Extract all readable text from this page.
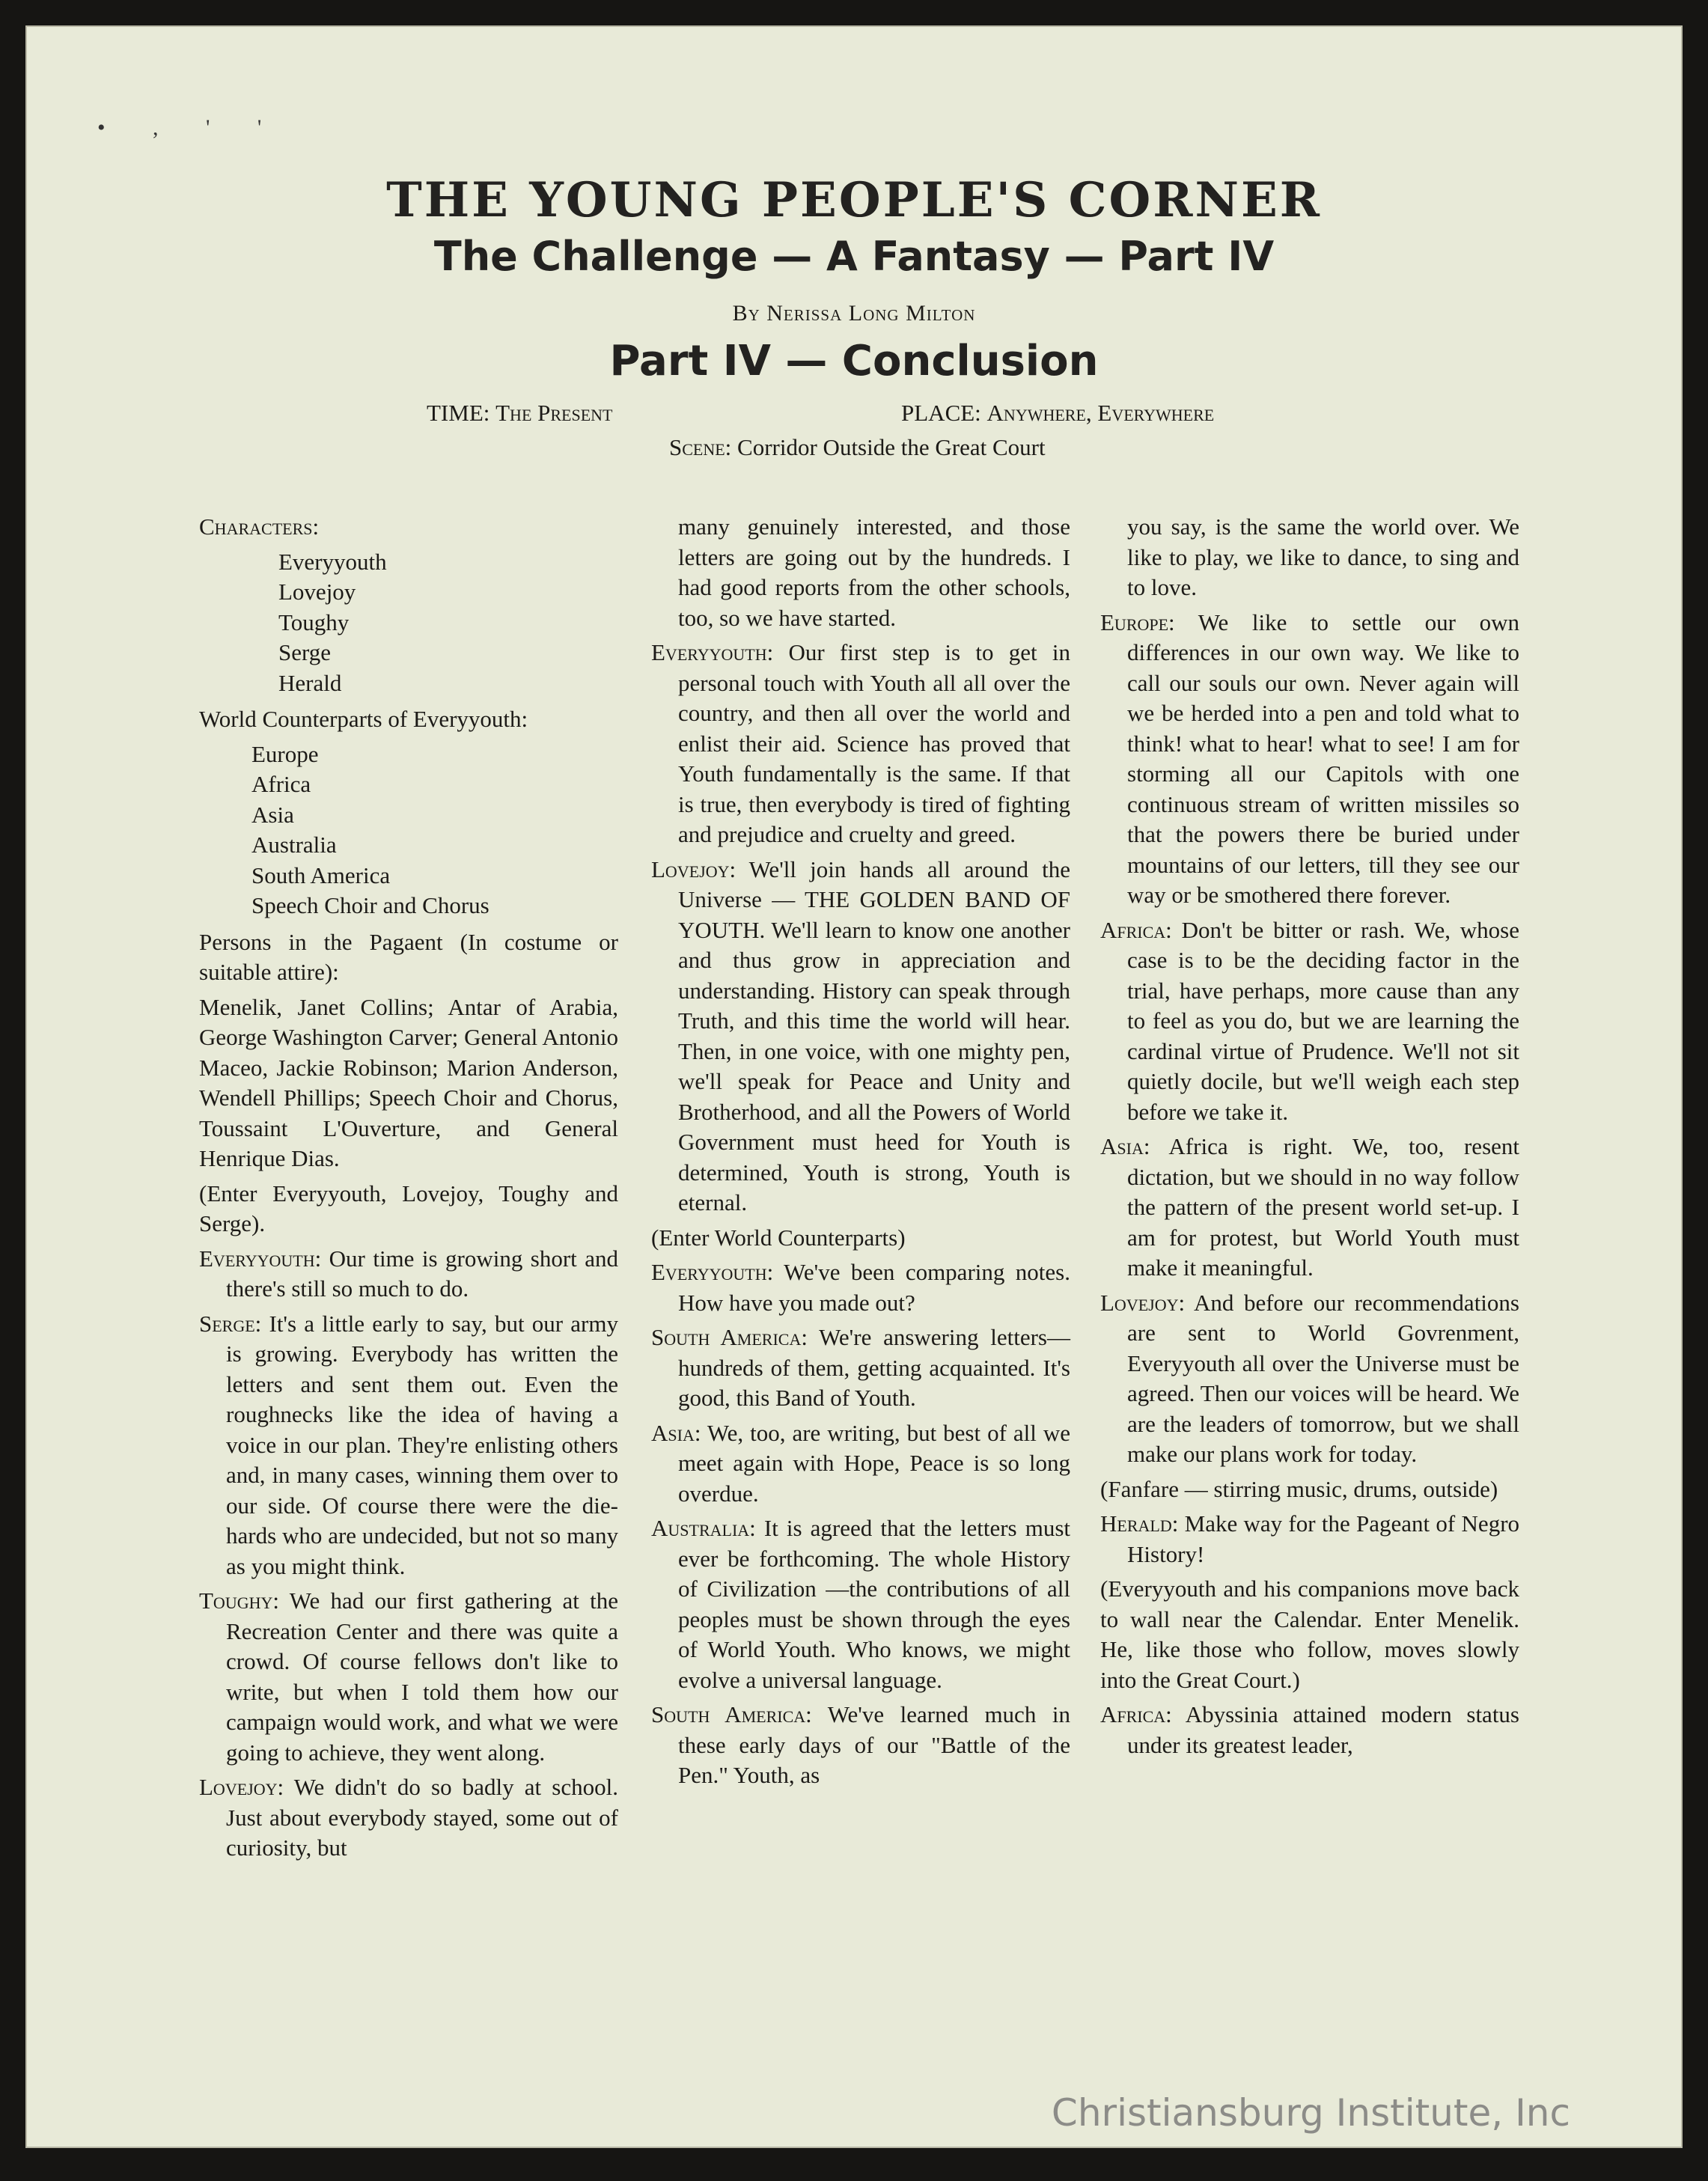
• , ' '
THE YOUNG PEOPLE'S CORNER
The Challenge — A Fantasy — Part IV
By Nerissa Long Milton
Part IV — Conclusion
TIME: The Present	PLACE: Anywhere, Everywhere
Scene: Corridor Outside the Great Court

Characters:

Everyyouth
Lovejoy
Toughy
Serge
Herald

World Counterparts of Everyyouth:

Europe
Africa
Asia
Australia
South America
Speech Choir and Chorus

Persons in the Pagaent (In costume or suitable attire):

Menelik, Janet Collins; Antar of Arabia, George Washington Carver; General Antonio Maceo, Jackie Robinson; Marion Anderson, Wendell Phillips; Speech Choir and Chorus, Toussaint L'Ouverture, and General Henrique Dias.

(Enter Everyyouth, Lovejoy, Toughy and Serge).

Everyyouth: Our time is growing short and there's still so much to do.

Serge: It's a little early to say, but our army is growing. Everybody has written the letters and sent them out. Even the roughnecks like the idea of having a voice in our plan. They're enlisting others and, in many cases, winning them over to our side. Of course there were the die-hards who are undecided, but not so many as you might think.

Toughy: We had our first gathering at the Recreation Center and there was quite a crowd. Of course fellows don't like to write, but when I told them how our campaign would work, and what we were going to achieve, they went along.

Lovejoy: We didn't do so badly at school. Just about everybody stayed, some out of curiosity, but

many genuinely interested, and those letters are going out by the hundreds. I had good reports from the other schools, too, so we have started.

Everyyouth: Our first step is to get in personal touch with Youth all all over the country, and then all over the world and enlist their aid. Science has proved that Youth fundamentally is the same. If that is true, then everybody is tired of fighting and prejudice and cruelty and greed.

Lovejoy: We'll join hands all around the Universe — THE GOLDEN BAND OF YOUTH. We'll learn to know one another and thus grow in appreciation and understanding. History can speak through Truth, and this time the world will hear. Then, in one voice, with one mighty pen, we'll speak for Peace and Unity and Brotherhood, and all the Powers of World Government must heed for Youth is determined, Youth is strong, Youth is eternal.

(Enter World Counterparts)

Everyyouth: We've been comparing notes. How have you made out?

South America: We're answering letters—hundreds of them, getting acquainted. It's good, this Band of Youth.

Asia: We, too, are writing, but best of all we meet again with Hope, Peace is so long overdue.

Australia: It is agreed that the letters must ever be forthcoming. The whole History of Civilization —the contributions of all peoples must be shown through the eyes of World Youth. Who knows, we might evolve a universal language.

South America: We've learned much in these early days of our "Battle of the Pen." Youth, as

you say, is the same the world over. We like to play, we like to dance, to sing and to love.

Europe: We like to settle our own differences in our own way. We like to call our souls our own. Never again will we be herded into a pen and told what to think! what to hear! what to see! I am for storming all our Capitols with one continuous stream of written missiles so that the powers there be buried under mountains of our letters, till they see our way or be smothered there forever.

Africa: Don't be bitter or rash. We, whose case is to be the deciding factor in the trial, have perhaps, more cause than any to feel as you do, but we are learning the cardinal virtue of Prudence. We'll not sit quietly docile, but we'll weigh each step before we take it.

Asia: Africa is right. We, too, resent dictation, but we should in no way follow the pattern of the present world set-up. I am for protest, but World Youth must make it meaningful.

Lovejoy: And before our recommendations are sent to World Govrenment, Everyyouth all over the Universe must be agreed. Then our voices will be heard. We are the leaders of tomorrow, but we shall make our plans work for today.

(Fanfare — stirring music, drums, outside)

Herald: Make way for the Pageant of Negro History!

(Everyyouth and his companions move back to wall near the Calendar. Enter Menelik. He, like those who follow, moves slowly into the Great Court.)

Africa: Abyssinia attained modern status under its greatest leader,

Christiansburg Institute, Inc
